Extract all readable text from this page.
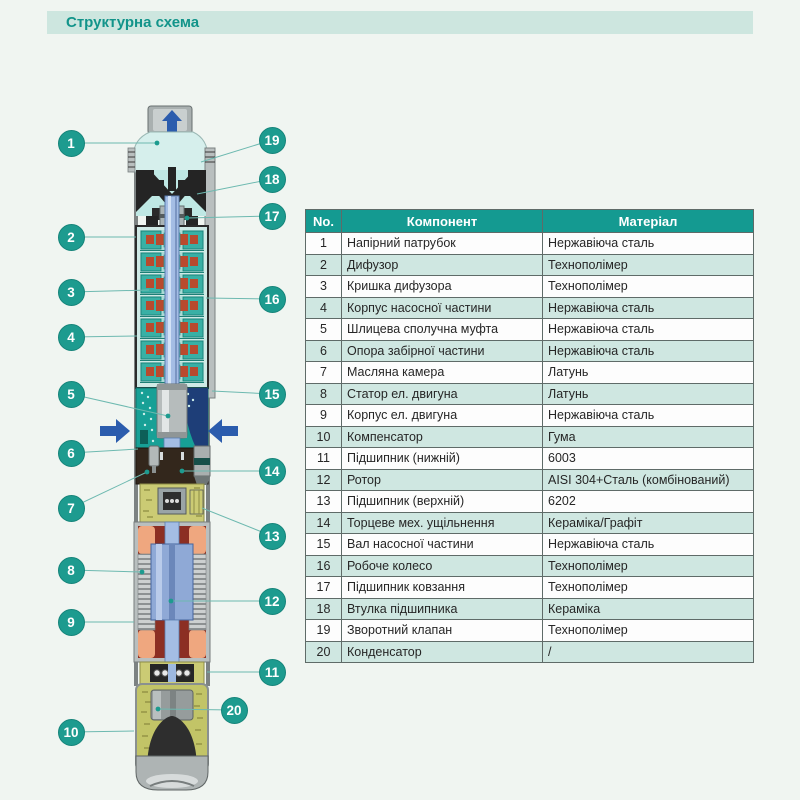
Структурна схема
1
2
3
4
5
6
7
8
9
10
19
18
17
16
15
14
13
12
11
20
No.	Компонент	Матеріал
1	Напірний патрубок	Нержавіюча сталь
2	Дифузор	Технополімер
3	Кришка дифузора	Технополімер
4	Корпус насосної частини	Нержавіюча сталь
5	Шлицева сполучна муфта	Нержавіюча сталь
6	Опора забірної частини	Нержавіюча сталь
7	Масляна камера	Латунь
8	Статор ел. двигуна	Латунь
9	Корпус ел. двигуна	Нержавіюча сталь
10	Компенсатор	Гума
11	Підшипник (нижній)	6003
12	Ротор	AISI 304+Сталь (комбінований)
13	Підшипник (верхній)	6202
14	Торцеве мех. ущільнення	Кераміка/Графіт
15	Вал насосної частини	Нержавіюча сталь
16	Робоче колесо	Технополімер
17	Підшипник ковзання	Технополімер
18	Втулка підшипника	Кераміка
19	Зворотний клапан	Технополімер
20	Конденсатор	/
